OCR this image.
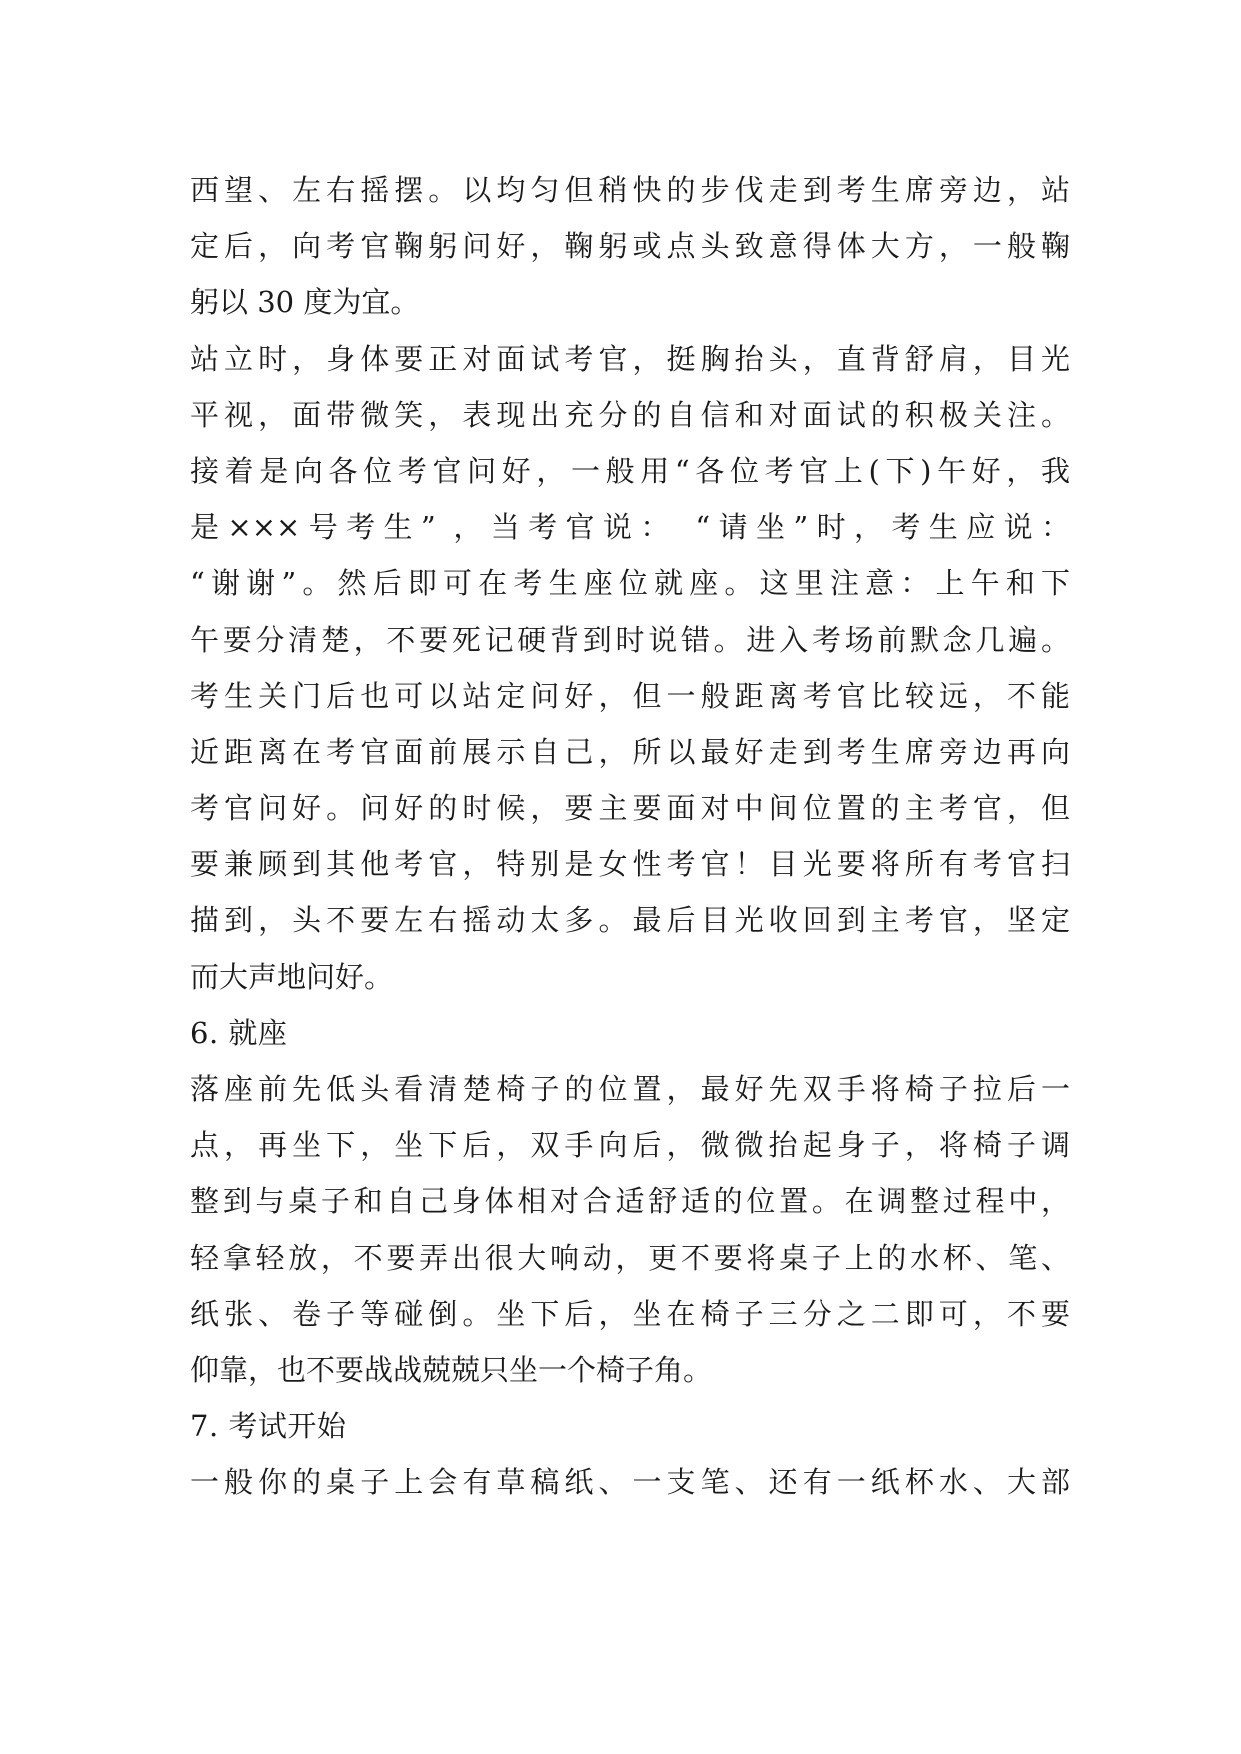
西望、左右摇摆。以均匀但稍快的步伐走到考生席旁边，站
定后，向考官鞠躬问好，鞠躬或点头致意得体大方，一般鞠
躬以 30 度为宜。
站立时，身体要正对面试考官，挺胸抬头，直背舒肩，目光
平视，面带微笑，表现出充分的自信和对面试的积极关注。
接着是向各位考官问好，一般用“各位考官上(下)午好，我
是×××号考生” ，当考官说： “请坐”时，考生应说：
“谢谢”。然后即可在考生座位就座。这里注意：上午和下
午要分清楚，不要死记硬背到时说错。进入考场前默念几遍。
考生关门后也可以站定问好，但一般距离考官比较远，不能
近距离在考官面前展示自己，所以最好走到考生席旁边再向
考官问好。问好的时候，要主要面对中间位置的主考官，但
要兼顾到其他考官，特别是女性考官！目光要将所有考官扫
描到，头不要左右摇动太多。最后目光收回到主考官，坚定
而大声地问好。
6. 就座
落座前先低头看清楚椅子的位置，最好先双手将椅子拉后一
点，再坐下，坐下后，双手向后，微微抬起身子，将椅子调
整到与桌子和自己身体相对合适舒适的位置。在调整过程中，
轻拿轻放，不要弄出很大响动，更不要将桌子上的水杯、笔、
纸张、卷子等碰倒。坐下后，坐在椅子三分之二即可，不要
仰靠，也不要战战兢兢只坐一个椅子角。
7. 考试开始
一般你的桌子上会有草稿纸、一支笔、还有一纸杯水、大部
